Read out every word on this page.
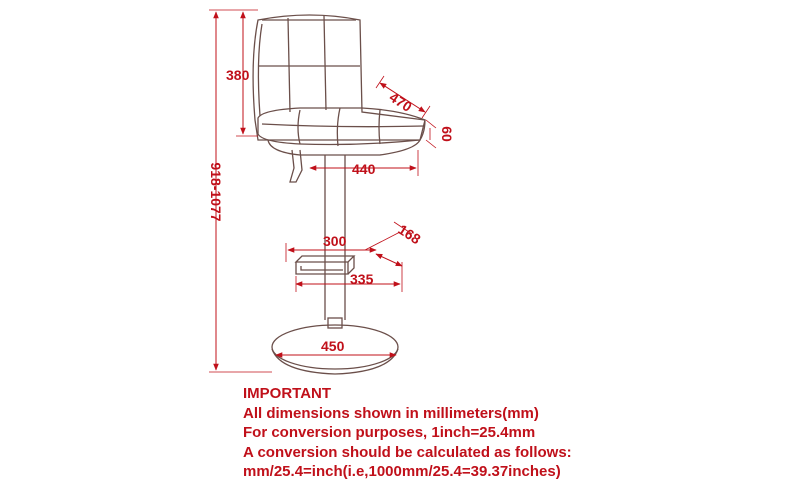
380
918-1077
470
60
440
300	168
335
450
IMPORTANT
All dimensions shown in millimeters(mm)
For conversion purposes, 1inch=25.4mm
A conversion should be calculated as follows:
mm/25.4=inch(i.e,1000mm/25.4=39.37inches)
